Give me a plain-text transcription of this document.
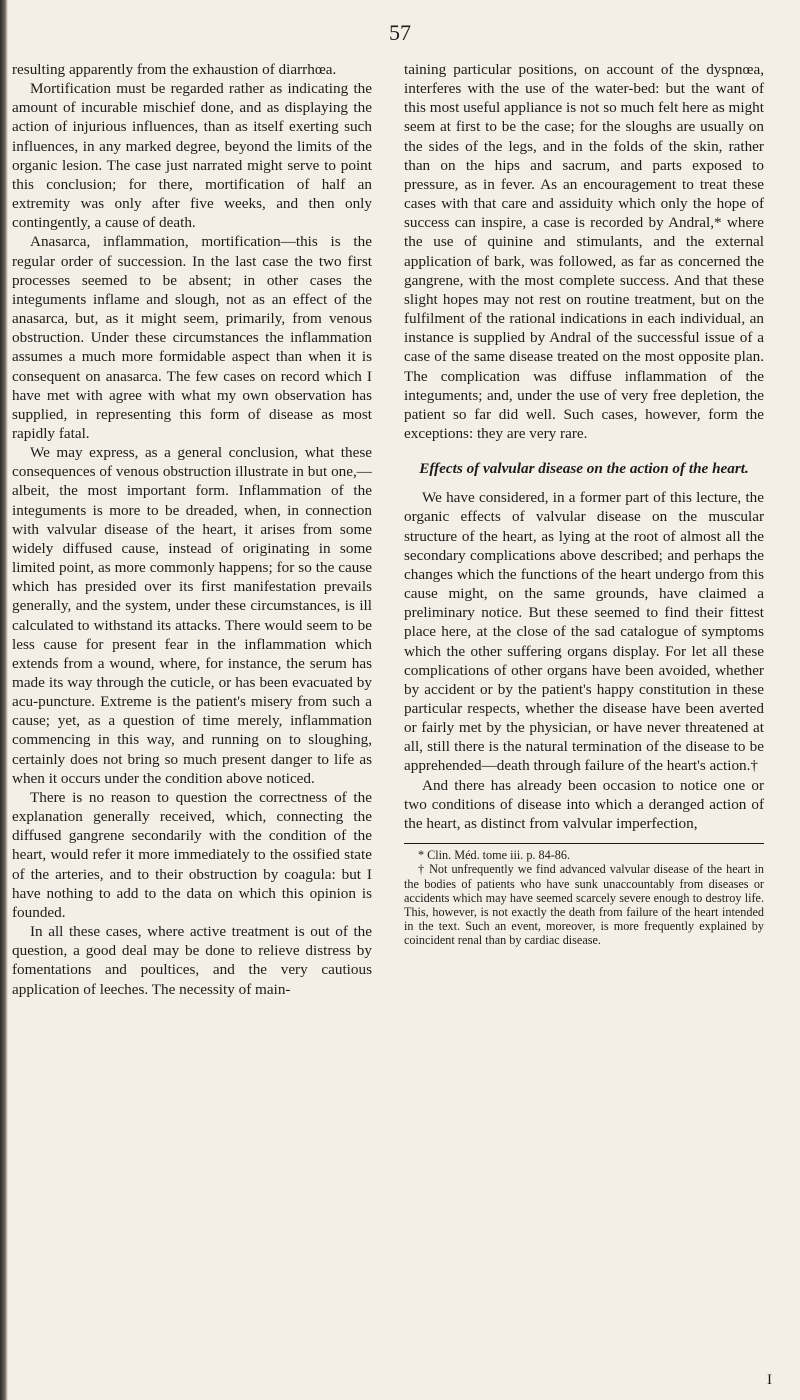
57

resulting apparently from the exhaustion of diarrhœa.

Mortification must be regarded rather as indicating the amount of incurable mischief done, and as displaying the action of injurious influences, than as itself exerting such influences, in any marked degree, beyond the limits of the organic lesion. The case just narrated might serve to point this conclusion; for there, mortification of half an extremity was only after five weeks, and then only contingently, a cause of death.

Anasarca, inflammation, mortification—this is the regular order of succession. In the last case the two first processes seemed to be absent; in other cases the integuments inflame and slough, not as an effect of the anasarca, but, as it might seem, primarily, from venous obstruction. Under these circumstances the inflammation assumes a much more formidable aspect than when it is consequent on anasarca. The few cases on record which I have met with agree with what my own observation has supplied, in representing this form of disease as most rapidly fatal.

We may express, as a general conclusion, what these consequences of venous obstruction illustrate in but one,—albeit, the most important form. Inflammation of the integuments is more to be dreaded, when, in connection with valvular disease of the heart, it arises from some widely diffused cause, instead of originating in some limited point, as more commonly happens; for so the cause which has presided over its first manifestation prevails generally, and the system, under these circumstances, is ill calculated to withstand its attacks. There would seem to be less cause for present fear in the inflammation which extends from a wound, where, for instance, the serum has made its way through the cuticle, or has been evacuated by acu-puncture. Extreme is the patient's misery from such a cause; yet, as a question of time merely, inflammation commencing in this way, and running on to sloughing, certainly does not bring so much present danger to life as when it occurs under the condition above noticed.

There is no reason to question the correctness of the explanation generally received, which, connecting the diffused gangrene secondarily with the condition of the heart, would refer it more immediately to the ossified state of the arteries, and to their obstruction by coagula: but I have nothing to add to the data on which this opinion is founded.

In all these cases, where active treatment is out of the question, a good deal may be done to relieve distress by fomentations and poultices, and the very cautious application of leeches. The necessity of main-

taining particular positions, on account of the dyspnœa, interferes with the use of the water-bed: but the want of this most useful appliance is not so much felt here as might seem at first to be the case; for the sloughs are usually on the sides of the legs, and in the folds of the skin, rather than on the hips and sacrum, and parts exposed to pressure, as in fever. As an encouragement to treat these cases with that care and assiduity which only the hope of success can inspire, a case is recorded by Andral,* where the use of quinine and stimulants, and the external application of bark, was followed, as far as concerned the gangrene, with the most complete success. And that these slight hopes may not rest on routine treatment, but on the fulfilment of the rational indications in each individual, an instance is supplied by Andral of the successful issue of a case of the same disease treated on the most opposite plan. The complication was diffuse inflammation of the integuments; and, under the use of very free depletion, the patient so far did well. Such cases, however, form the exceptions: they are very rare.

Effects of valvular disease on the action of the heart.

We have considered, in a former part of this lecture, the organic effects of valvular disease on the muscular structure of the heart, as lying at the root of almost all the secondary complications above described; and perhaps the changes which the functions of the heart undergo from this cause might, on the same grounds, have claimed a preliminary notice. But these seemed to find their fittest place here, at the close of the sad catalogue of symptoms which the other suffering organs display. For let all these complications of other organs have been avoided, whether by accident or by the patient's happy constitution in these particular respects, whether the disease have been averted or fairly met by the physician, or have never threatened at all, still there is the natural termination of the disease to be apprehended—death through failure of the heart's action.†

And there has already been occasion to notice one or two conditions of disease into which a deranged action of the heart, as distinct from valvular imperfection,

* Clin. Méd. tome iii. p. 84-86.

† Not unfrequently we find advanced valvular disease of the heart in the bodies of patients who have sunk unaccountably from diseases or accidents which may have seemed scarcely severe enough to destroy life. This, however, is not exactly the death from failure of the heart intended in the text. Such an event, moreover, is more frequently explained by coincident renal than by cardiac disease.

I
